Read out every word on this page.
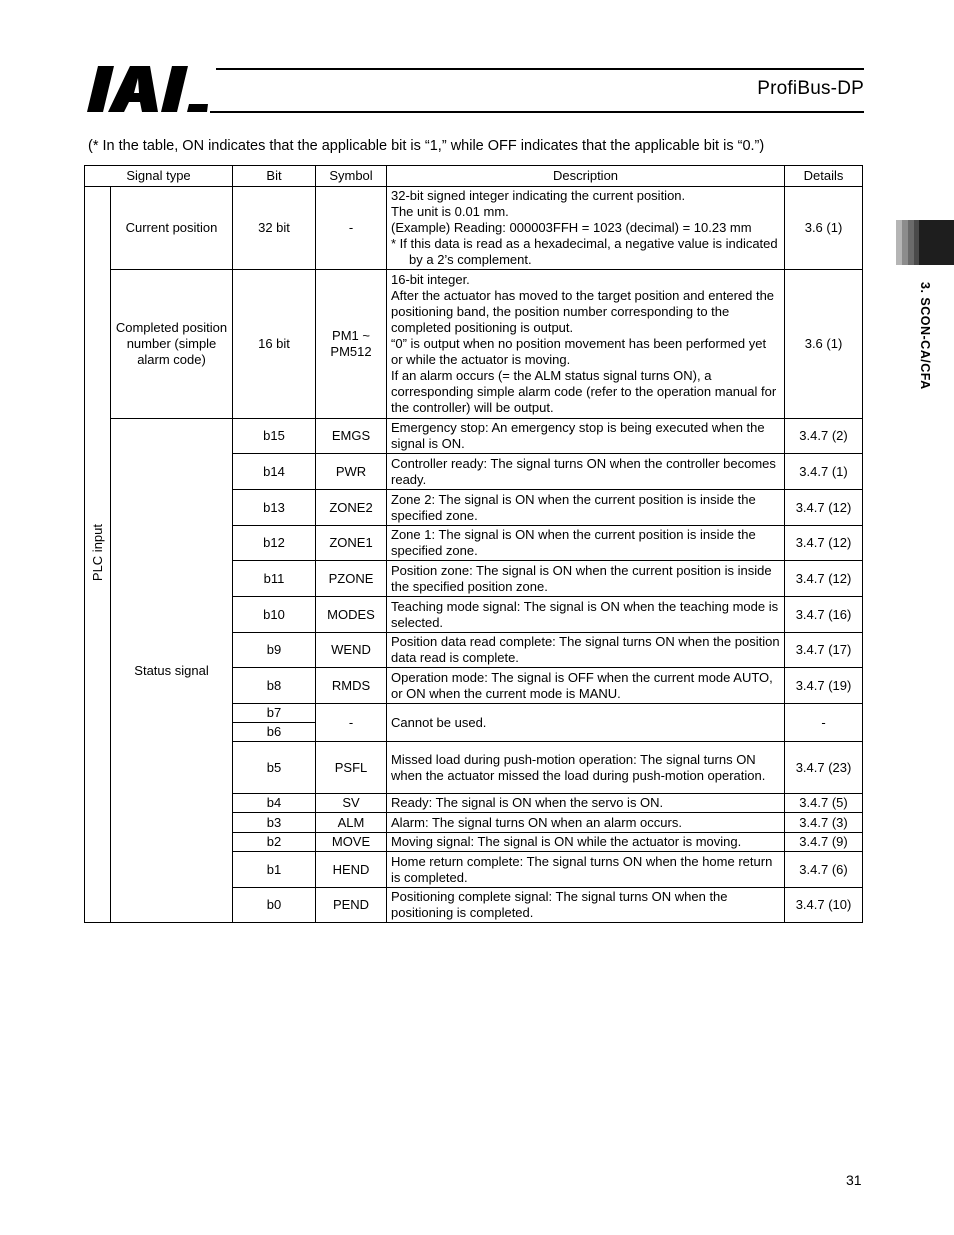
ProfiBus-DP
(* In the table, ON indicates that the applicable bit is “1,” while OFF indicates that the applicable bit is “0.”)
3. SCON-CA/CFA
Signal type		Bit	Symbol	Description	Details
PLC input	Current position	32 bit	-	32-bit signed integer indicating the current position.
The unit is 0.01 mm.
(Example) Reading: 000003FFH = 1023 (decimal) = 10.23 mm
* If this data is read as a hexadecimal, a negative value is indicated by a 2’s complement.	3.6 (1)
	Completed position number (simple alarm code)	16 bit	PM1 ~ PM512	16-bit integer.
After the actuator has moved to the target position and entered the positioning band, the position number corresponding to the completed positioning is output.
“0” is output when no position movement has been performed yet or while the actuator is moving.
If an alarm occurs (= the ALM status signal turns ON), a corresponding simple alarm code (refer to the operation manual for the controller) will be output.	3.6 (1)
	Status signal	b15	EMGS	Emergency stop: An emergency stop is being executed when the signal is ON.	3.4.7 (2)
		b14	PWR	Controller ready: The signal turns ON when the controller becomes ready.	3.4.7 (1)
		b13	ZONE2	Zone 2: The signal is ON when the current position is inside the specified zone.	3.4.7 (12)
		b12	ZONE1	Zone 1: The signal is ON when the current position is inside the specified zone.	3.4.7 (12)
		b11	PZONE	Position zone: The signal is ON when the current position is inside the specified position zone.	3.4.7 (12)
		b10	MODES	Teaching mode signal: The signal is ON when the teaching mode is selected.	3.4.7 (16)
		b9	WEND	Position data read complete: The signal turns ON when the position data read is complete.	3.4.7 (17)
		b8	RMDS	Operation mode: The signal is OFF when the current mode AUTO, or ON when the current mode is MANU.	3.4.7 (19)
		b7	-	Cannot be used.	-
		b6			
		b5	PSFL	Missed load during push-motion operation: The signal turns ON when the actuator missed the load during push-motion operation.	3.4.7 (23)
		b4	SV	Ready: The signal is ON when the servo is ON.	3.4.7 (5)
		b3	ALM	Alarm: The signal turns ON when an alarm occurs.	3.4.7 (3)
		b2	MOVE	Moving signal: The signal is ON while the actuator is moving.	3.4.7 (9)
		b1	HEND	Home return complete: The signal turns ON when the home return is completed.	3.4.7 (6)
		b0	PEND	Positioning complete signal: The signal turns ON when the positioning is completed.	3.4.7 (10)
31
